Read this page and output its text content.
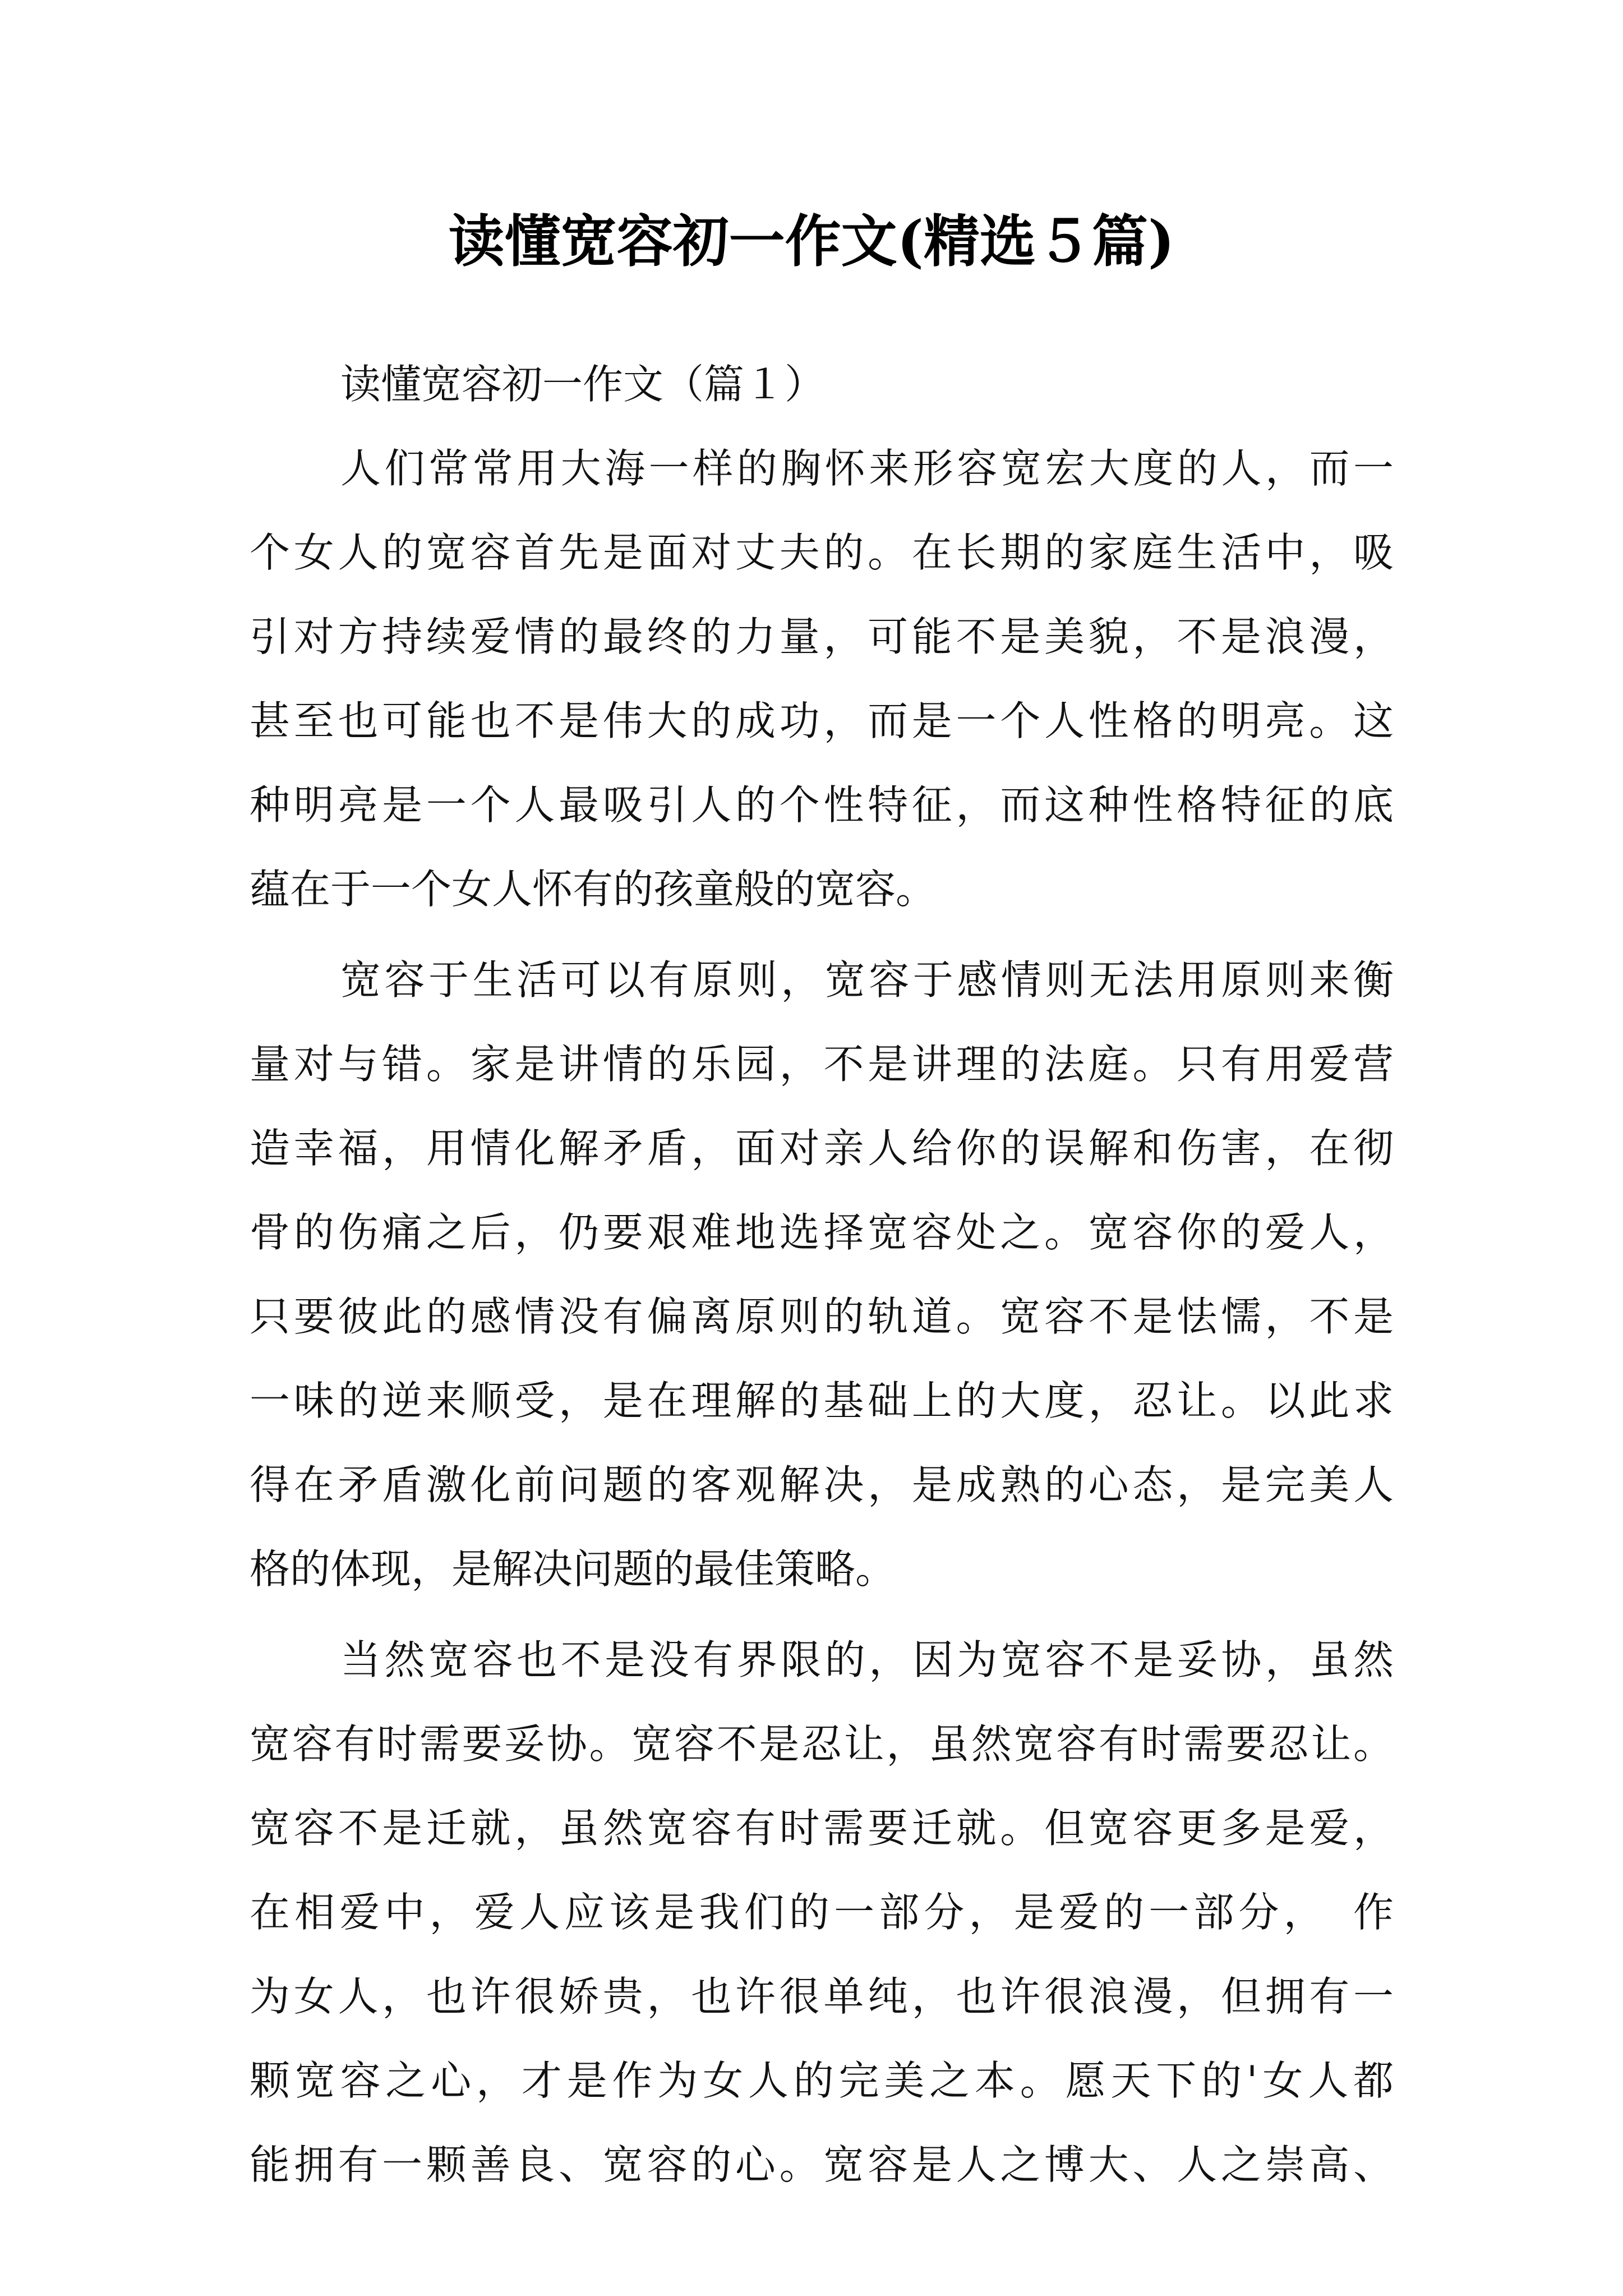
读懂宽容初一作文(精选５篇)
读懂宽容初一作文（篇１）
人们常常用大海一样的胸怀来形容宽宏大度的人，而一
个女人的宽容首先是面对丈夫的。在长期的家庭生活中，吸
引对方持续爱情的最终的力量，可能不是美貌，不是浪漫，
甚至也可能也不是伟大的成功，而是一个人性格的明亮。这
种明亮是一个人最吸引人的个性特征，而这种性格特征的底
蕴在于一个女人怀有的孩童般的宽容。
宽容于生活可以有原则，宽容于感情则无法用原则来衡
量对与错。家是讲情的乐园，不是讲理的法庭。只有用爱营
造幸福，用情化解矛盾，面对亲人给你的误解和伤害，在彻
骨的伤痛之后，仍要艰难地选择宽容处之。宽容你的爱人，
只要彼此的感情没有偏离原则的轨道。宽容不是怯懦，不是
一味的逆来顺受，是在理解的基础上的大度，忍让。以此求
得在矛盾激化前问题的客观解决，是成熟的心态，是完美人
格的体现，是解决问题的最佳策略。
当然宽容也不是没有界限的，因为宽容不是妥协，虽然
宽容有时需要妥协。宽容不是忍让，虽然宽容有时需要忍让。
宽容不是迁就，虽然宽容有时需要迁就。但宽容更多是爱，
在相爱中，爱人应该是我们的一部分，是爱的一部分，　作
为女人，也许很娇贵，也许很单纯，也许很浪漫，但拥有一
颗宽容之心，才是作为女人的完美之本。愿天下的'女人都
能拥有一颗善良、宽容的心。宽容是人之博大、人之崇高、
